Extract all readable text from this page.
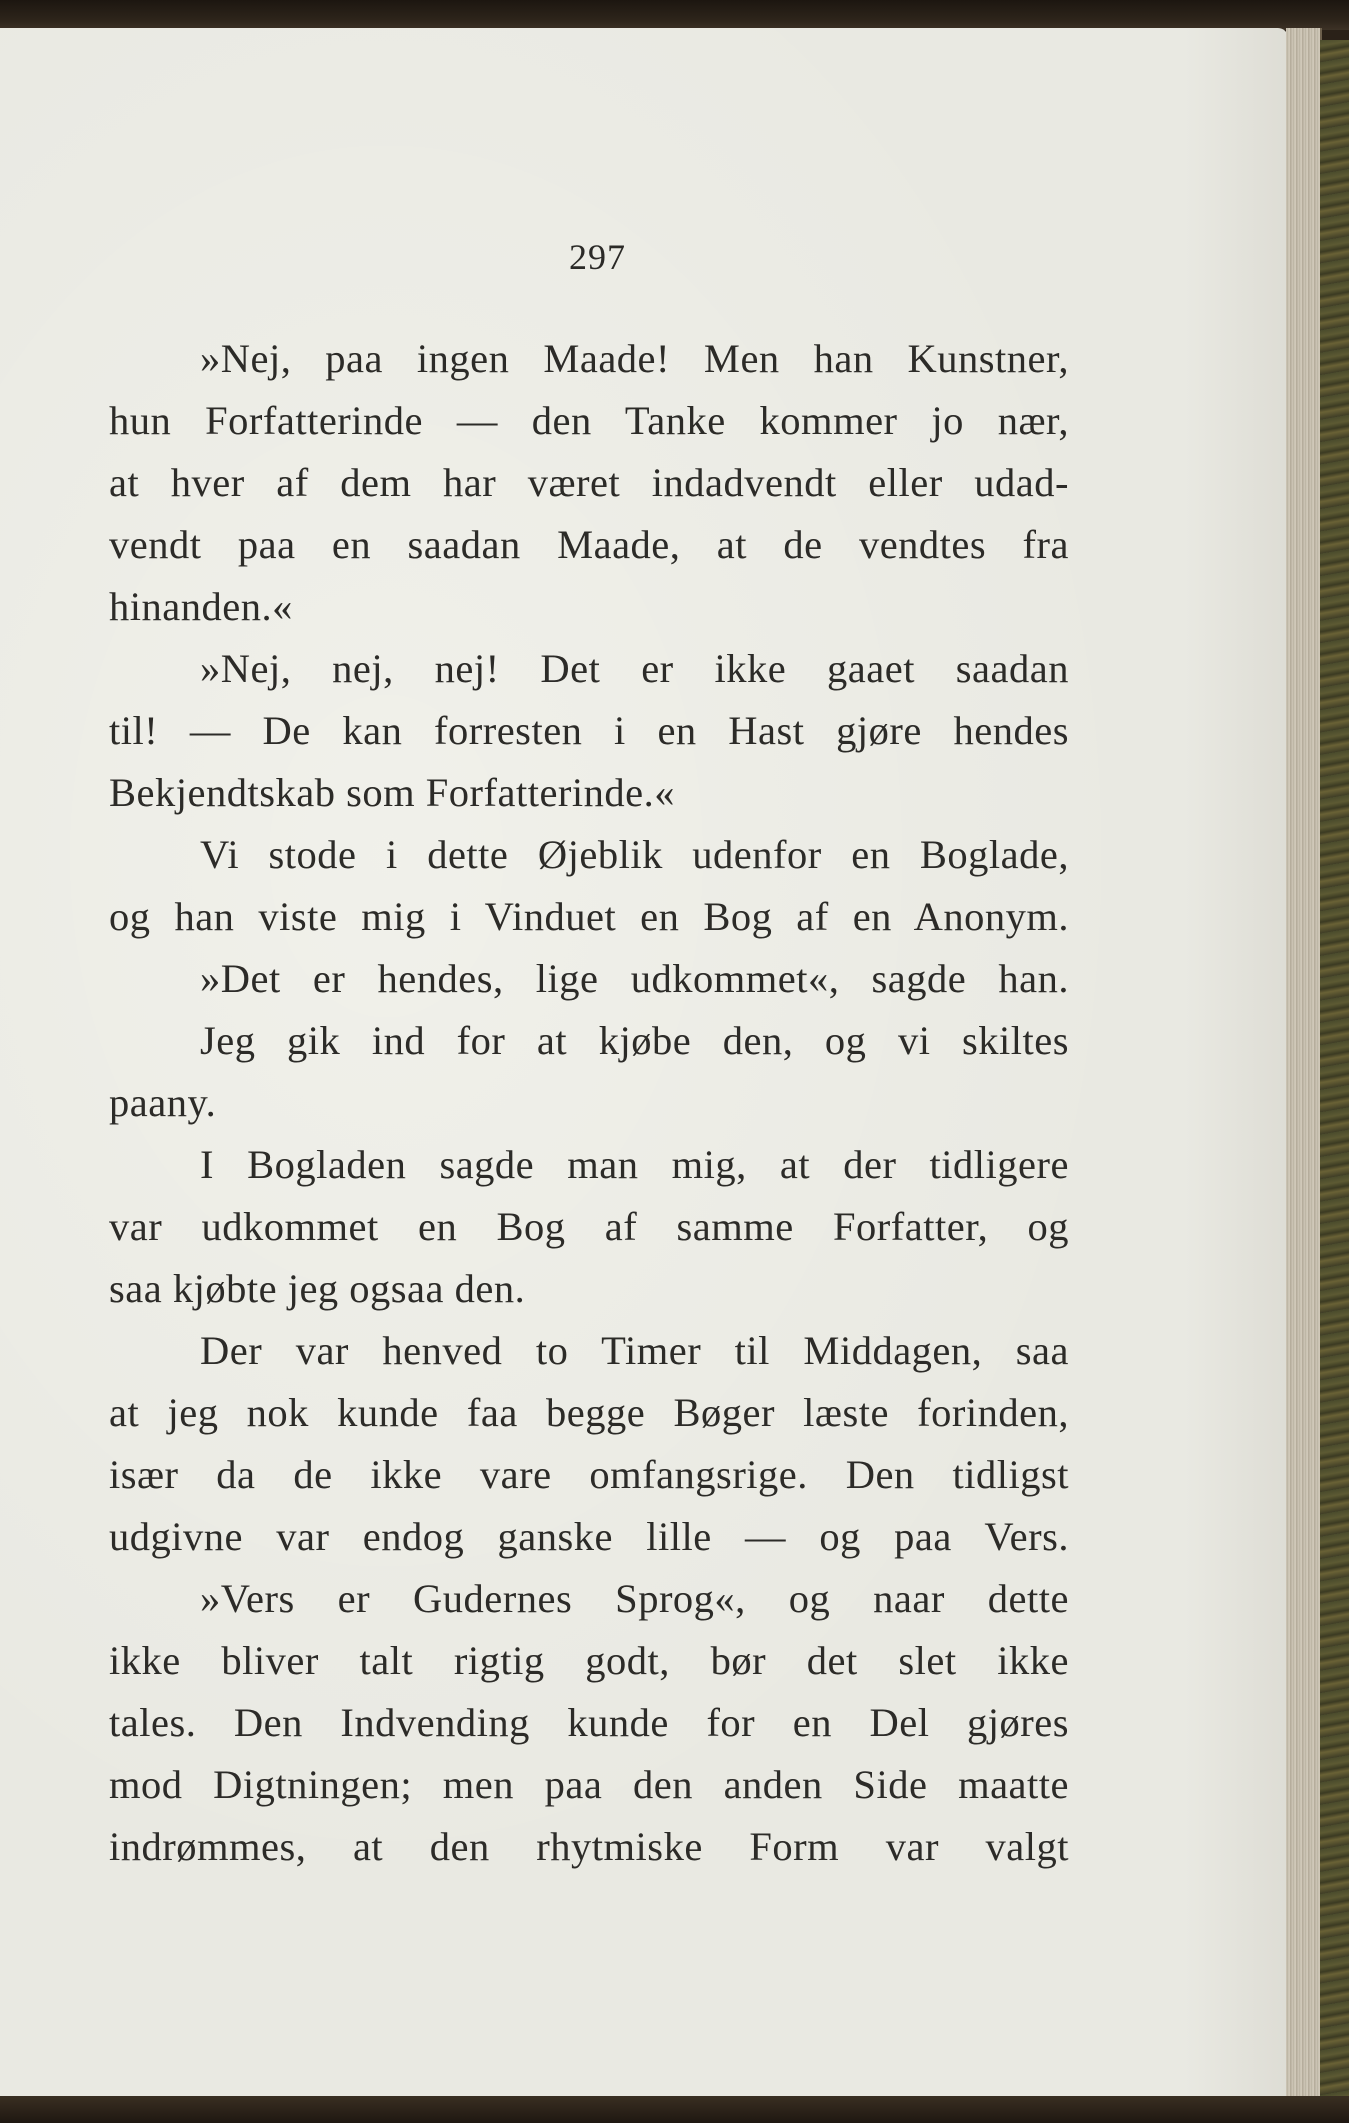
297
»Nej, paa ingen Maade! Men han Kunstner,
hun Forfatterinde — den Tanke kommer jo nær,
at hver af dem har været indadvendt eller udad-
vendt paa en saadan Maade, at de vendtes fra
hinanden.«
»Nej, nej, nej! Det er ikke gaaet saadan
til! — De kan forresten i en Hast gjøre hendes
Bekjendtskab som Forfatterinde.«
Vi stode i dette Øjeblik udenfor en Boglade,
og han viste mig i Vinduet en Bog af en Anonym.
»Det er hendes, lige udkommet«, sagde han.
Jeg gik ind for at kjøbe den, og vi skiltes
paany.
I Bogladen sagde man mig, at der tidligere
var udkommet en Bog af samme Forfatter, og
saa kjøbte jeg ogsaa den.
Der var henved to Timer til Middagen, saa
at jeg nok kunde faa begge Bøger læste forinden,
især da de ikke vare omfangsrige. Den tidligst
udgivne var endog ganske lille — og paa Vers.
»Vers er Gudernes Sprog«, og naar dette
ikke bliver talt rigtig godt, bør det slet ikke
tales. Den Indvending kunde for en Del gjøres
mod Digtningen; men paa den anden Side maatte
indrømmes, at den rhytmiske Form var valgt
